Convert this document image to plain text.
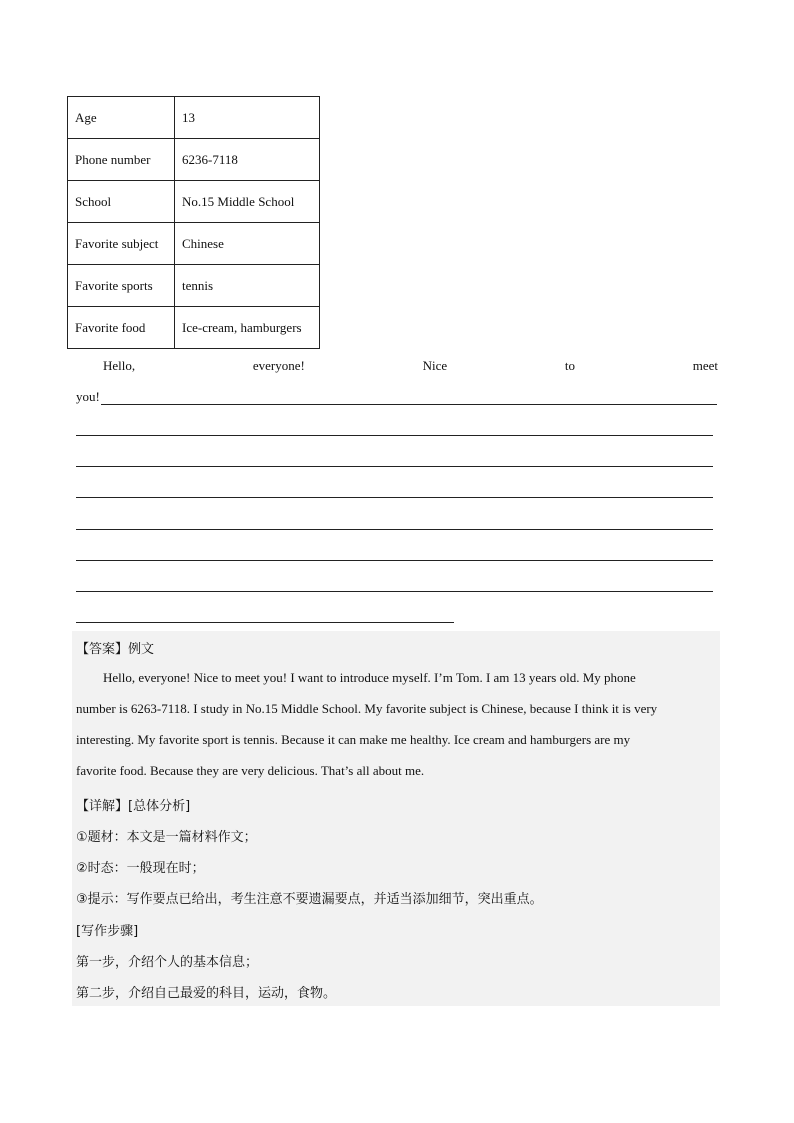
Age	13
Phone number	6236-7118
School	No.15 Middle School
Favorite subject	Chinese
Favorite sports	tennis
Favorite food	Ice-cream, hamburgers
Hello,	everyone!	Nice	to	meet
you!
【答案】例文
Hello, everyone! Nice to meet you! I want to introduce myself. I’m Tom. I am 13 years old. My phone
number is 6263-7118. I study in No.15 Middle School. My favorite subject is Chinese, because I think it is very
interesting. My favorite sport is tennis. Because it can make me healthy. Ice cream and hamburgers are my
favorite food. Because they are very delicious. That’s all about me.
【详解】[总体分析]
①题材：本文是一篇材料作文；
②时态：一般现在时；
③提示：写作要点已给出，考生注意不要遗漏要点，并适当添加细节，突出重点。
[写作步骤]
第一步，介绍个人的基本信息；
第二步，介绍自己最爱的科目，运动，食物。
